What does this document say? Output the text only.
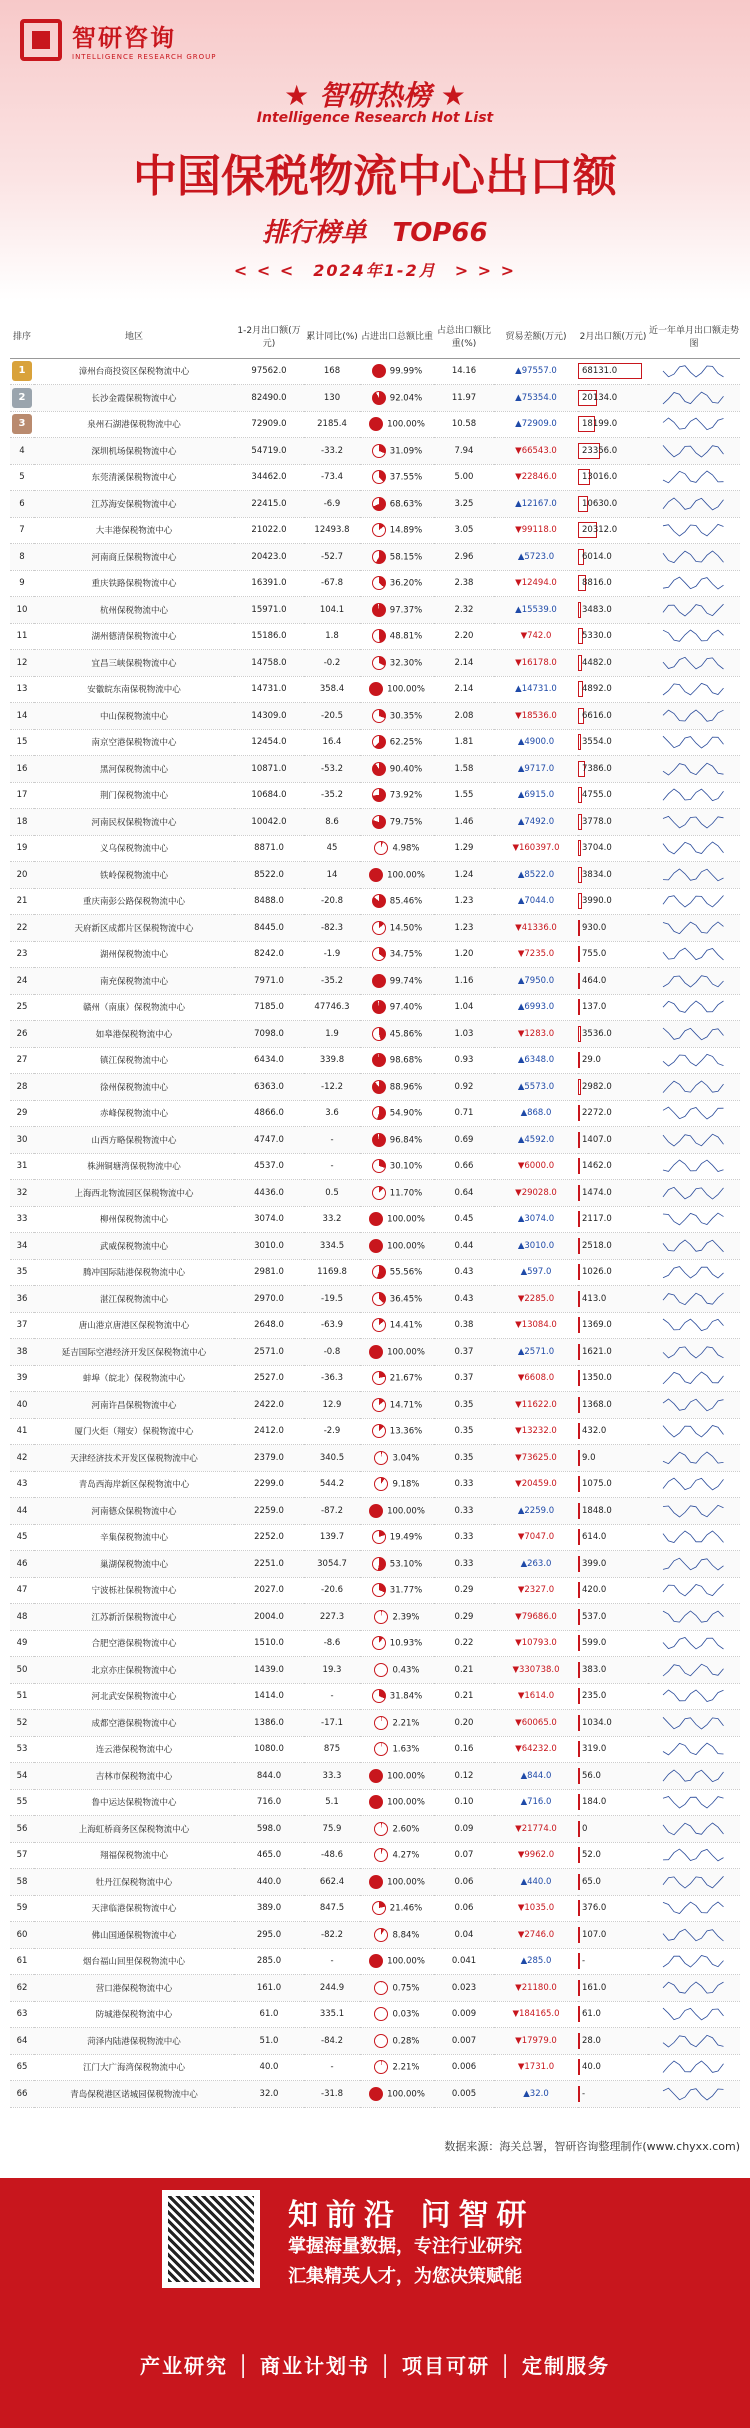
智研咨询
INTELLIGENCE RESEARCH GROUP
★ 智研热榜 ★
Intelligence Research Hot List
中国保税物流中心出口额
排行榜单　TOP66
< < <　2024年1-2月　> > >
排序	地区	1-2月出口额(万元)	累计同比(%)	占进出口总额比重	占总出口额比重(%)	贸易差额(万元)	2月出口额(万元)	近一年单月出口额走势图
1	漳州台商投资区保税物流中心	97562.0	168	99.99%	14.16	▲97557.0	68131.0

2	长沙金霞保税物流中心	82490.0	130	92.04%	11.97	▲75354.0	20134.0

3	泉州石湖港保税物流中心	72909.0	2185.4	100.00%	10.58	▲72909.0	18199.0

4	深圳机场保税物流中心	54719.0	-33.2	31.09%	7.94	▼66543.0	23356.0

5	东莞清溪保税物流中心	34462.0	-73.4	37.55%	5.00	▼22846.0	13016.0

6	江苏海安保税物流中心	22415.0	-6.9	68.63%	3.25	▲12167.0	10630.0

7	大丰港保税物流中心	21022.0	12493.8	14.89%	3.05	▼99118.0	20312.0

8	河南商丘保税物流中心	20423.0	-52.7	58.15%	2.96	▲5723.0	6014.0

9	重庆铁路保税物流中心	16391.0	-67.8	36.20%	2.38	▼12494.0	8816.0

10	杭州保税物流中心	15971.0	104.1	97.37%	2.32	▲15539.0	3483.0

11	湖州德清保税物流中心	15186.0	1.8	48.81%	2.20	▼742.0	5330.0

12	宜昌三峡保税物流中心	14758.0	-0.2	32.30%	2.14	▼16178.0	4482.0

13	安徽皖东南保税物流中心	14731.0	358.4	100.00%	2.14	▲14731.0	4892.0

14	中山保税物流中心	14309.0	-20.5	30.35%	2.08	▼18536.0	6616.0

15	南京空港保税物流中心	12454.0	16.4	62.25%	1.81	▲4900.0	3554.0

16	黑河保税物流中心	10871.0	-53.2	90.40%	1.58	▲9717.0	7386.0

17	荆门保税物流中心	10684.0	-35.2	73.92%	1.55	▲6915.0	4755.0

18	河南民权保税物流中心	10042.0	8.6	79.75%	1.46	▲7492.0	3778.0

19	义乌保税物流中心	8871.0	45	4.98%	1.29	▼160397.0	3704.0

20	铁岭保税物流中心	8522.0	14	100.00%	1.24	▲8522.0	3834.0

21	重庆南彭公路保税物流中心	8488.0	-20.8	85.46%	1.23	▲7044.0	3990.0

22	天府新区成都片区保税物流中心	8445.0	-82.3	14.50%	1.23	▼41336.0	930.0

23	湖州保税物流中心	8242.0	-1.9	34.75%	1.20	▼7235.0	755.0

24	南充保税物流中心	7971.0	-35.2	99.74%	1.16	▲7950.0	464.0

25	赣州（南康）保税物流中心	7185.0	47746.3	97.40%	1.04	▲6993.0	137.0

26	如皋港保税物流中心	7098.0	1.9	45.86%	1.03	▼1283.0	3536.0

27	镇江保税物流中心	6434.0	339.8	98.68%	0.93	▲6348.0	29.0

28	徐州保税物流中心	6363.0	-12.2	88.96%	0.92	▲5573.0	2982.0

29	赤峰保税物流中心	4866.0	3.6	54.90%	0.71	▲868.0	2272.0

30	山西方略保税物流中心	4747.0	-	96.84%	0.69	▲4592.0	1407.0

31	株洲铜塘湾保税物流中心	4537.0	-	30.10%	0.66	▼6000.0	1462.0

32	上海西北物流园区保税物流中心	4436.0	0.5	11.70%	0.64	▼29028.0	1474.0

33	柳州保税物流中心	3074.0	33.2	100.00%	0.45	▲3074.0	2117.0

34	武威保税物流中心	3010.0	334.5	100.00%	0.44	▲3010.0	2518.0

35	腾冲国际陆港保税物流中心	2981.0	1169.8	55.56%	0.43	▲597.0	1026.0

36	湛江保税物流中心	2970.0	-19.5	36.45%	0.43	▼2285.0	413.0

37	唐山港京唐港区保税物流中心	2648.0	-63.9	14.41%	0.38	▼13084.0	1369.0

38	延吉国际空港经济开发区保税物流中心	2571.0	-0.8	100.00%	0.37	▲2571.0	1621.0

39	蚌埠（皖北）保税物流中心	2527.0	-36.3	21.67%	0.37	▼6608.0	1350.0

40	河南许昌保税物流中心	2422.0	12.9	14.71%	0.35	▼11622.0	1368.0

41	厦门火炬（翔安）保税物流中心	2412.0	-2.9	13.36%	0.35	▼13232.0	432.0

42	天津经济技术开发区保税物流中心	2379.0	340.5	3.04%	0.35	▼73625.0	9.0

43	青岛西海岸新区保税物流中心	2299.0	544.2	9.18%	0.33	▼20459.0	1075.0

44	河南德众保税物流中心	2259.0	-87.2	100.00%	0.33	▲2259.0	1848.0

45	辛集保税物流中心	2252.0	139.7	19.49%	0.33	▼7047.0	614.0

46	巢湖保税物流中心	2251.0	3054.7	53.10%	0.33	▲263.0	399.0

47	宁波栎社保税物流中心	2027.0	-20.6	31.77%	0.29	▼2327.0	420.0

48	江苏新沂保税物流中心	2004.0	227.3	2.39%	0.29	▼79686.0	537.0

49	合肥空港保税物流中心	1510.0	-8.6	10.93%	0.22	▼10793.0	599.0

50	北京亦庄保税物流中心	1439.0	19.3	0.43%	0.21	▼330738.0	383.0

51	河北武安保税物流中心	1414.0	-	31.84%	0.21	▼1614.0	235.0

52	成都空港保税物流中心	1386.0	-17.1	2.21%	0.20	▼60065.0	1034.0

53	连云港保税物流中心	1080.0	875	1.63%	0.16	▼64232.0	319.0

54	吉林市保税物流中心	844.0	33.3	100.00%	0.12	▲844.0	56.0

55	鲁中运达保税物流中心	716.0	5.1	100.00%	0.10	▲716.0	184.0

56	上海虹桥商务区保税物流中心	598.0	75.9	2.60%	0.09	▼21774.0	0

57	翔福保税物流中心	465.0	-48.6	4.27%	0.07	▼9962.0	52.0

58	牡丹江保税物流中心	440.0	662.4	100.00%	0.06	▲440.0	65.0

59	天津临港保税物流中心	389.0	847.5	21.46%	0.06	▼1035.0	376.0

60	佛山国通保税物流中心	295.0	-82.2	8.84%	0.04	▼2746.0	107.0

61	烟台福山回里保税物流中心	285.0	-	100.00%	0.041	▲285.0	-

62	营口港保税物流中心	161.0	244.9	0.75%	0.023	▼21180.0	161.0

63	防城港保税物流中心	61.0	335.1	0.03%	0.009	▼184165.0	61.0

64	菏泽内陆港保税物流中心	51.0	-84.2	0.28%	0.007	▼17979.0	28.0

65	江门大广海湾保税物流中心	40.0	-	2.21%	0.006	▼1731.0	40.0

66	青岛保税港区诺城园保税物流中心	32.0	-31.8	100.00%	0.005	▲32.0	-

数据来源：海关总署，智研咨询整理制作(www.chyxx.com)
知前沿 问智研
掌握海量数据，专注行业研究
汇集精英人才，为您决策赋能
产业研究 │ 商业计划书 │ 项目可研 │ 定制服务
